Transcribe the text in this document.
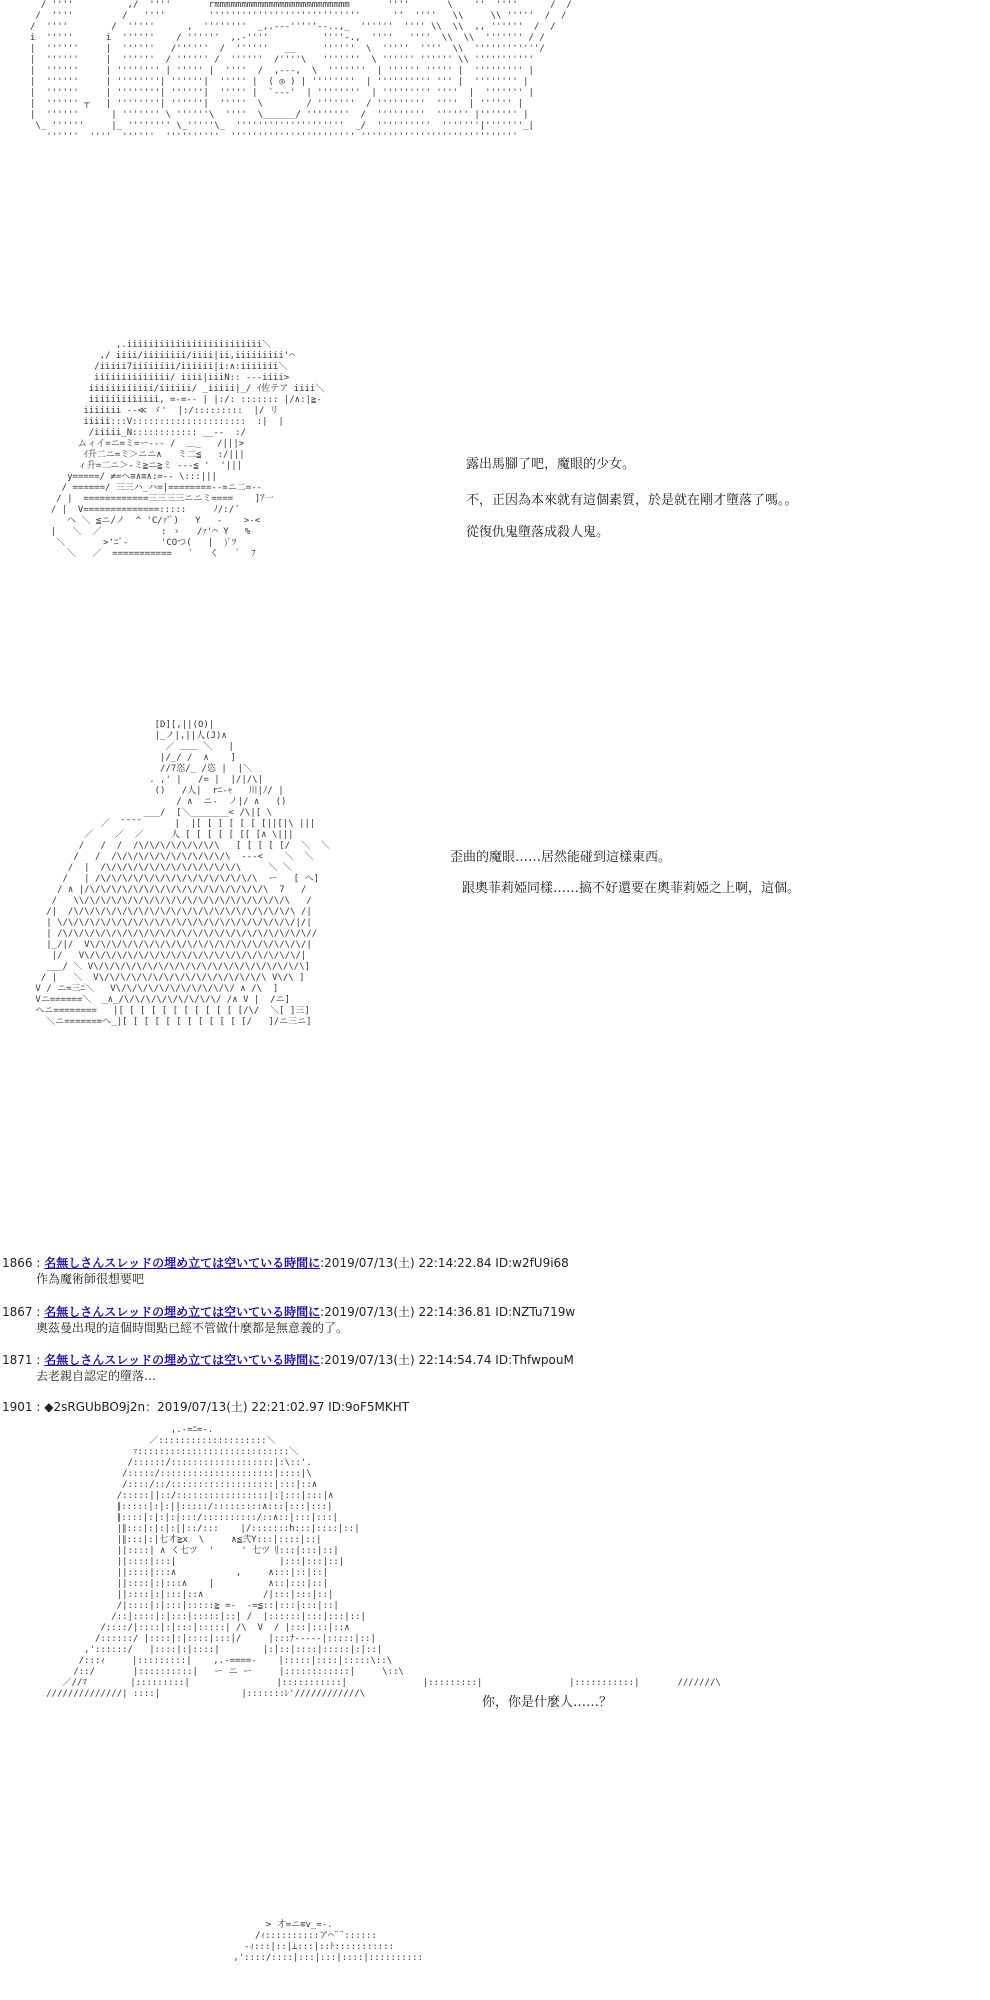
/ ''''          ,/  ''''       rmmmmmmmmmmmmmmmmmmmmmmmmm       ''''       \    ''  ''''      /  /
/  ''''         /   ''''        ''''''''''''''''''''''''''''      ''  ''''   \\     \\ '''''  /  /
/  ''''        /  '''''      ,  ''''''''  _,.-‐‐'''''‐-..,_  ''''''  '''' \\  \\  ,, ''''''  /  /
i  '''''      i  ''''''    / ''''''  ,.-''''          ''''-.,  ''''   ''''  \\  \\  ''''''' / /
|  ''''''     |  ''''''   /''''''  /  ''''''   __     ''''''  \  '''''  ''''  \\  ''''''''''''/
|  ''''''     |  ''''''  / '''''' /  ''''''  /''''\   '''''''  \ '''''' '''''' \\ '''''''''''
|  ''''''     | '''''''' | ''''' |  ''''  /  ,-‐-,  \  '''''''  | '''''' ''''' |  ''''''''' |
|  ''''''     | ''''''''| ''''''|  ''''' |  ( ◎ ) | ''''''''  | '''''''''' ''' |  '''''''' |
|  ''''''     | ''''''''| ''''''|  ''''' |  `‐-‐'  | ''''''''  | ''''''''' ''''  |  ''''''' |
|  '''''' ┬   | ''''''''| ''''''|  '''''  \        / '''''''  / '''''''''  ''''  | '''''' |
|  ''''''      | ''''''' \ ''''''\  ''''  \______/ ''''''''  /  '''''''''  '''''' |''''''' |
\_ ''''''     |_ '''''''' \_'''''\_  ''''''''''''''''''''  _/  ''''''''''  '''''''|'''''''_|
''''''  ''''  ''''''  ''''''''''  ''''''''''''''''''''''' '''''''''''''''''''''''''''''

,.iiiiiiiiiiiiiiiiiiiiiiiii＼
,/ iiii/iiiiiiii/iiii|ii,iiiiiiiii'⌒
/iiiii7iiiiiiii/iiiiii|i:∧:iiiiiii＼
iiiiiiiiiiiiii/ iiii|iiiN:: --‐iiii>
iiiiiiiiiiii/iiiiii/ _iiiii|_/ ｲ佐テア iiii＼
iiiiiiiiiiiii, =-=-- | |:/: ::::::: |/∧:|≧-
iiiiiii --≪ ゞ'  |:/:::::::::  |/ リ
iiiii:::V:::::::::::::::::::::  :|  |
/iiiii_N:::::::::::: __--  :/
ムィイ=ニ=ミ=ー‐-- /  ＿_   /|||>
ｲ升二ニ=ミ＞ニニ∧   ミ二≦   :/|||
ィ升=二ニ＞-ミ≧ニ≧ミ ---≦ '  '|||
y=====/ ≠=ヘ≡∧≡∧:=-- \:::|||
/ ======/ 三三ハ_ハ=|========--=ニ二=--
/ |  ============三三三三ニニミ====    ]ｱ一
/ |  V==============:::::     ﾉ/:/´
ヘ ＼ ≦ニ/ノ  ^ 'C/ｧ'ﾞ)   Y   ‐    >‐<
|   ＼  ／           : ゝ   /ｧ'⌒ Y   %
＼       >'ﾆﾞ-      'COつ(   |  )ﾞﾂ
＼   ／  ===========   `   く   `  ﾌ

[D][,||(O)|
|_ノ|,||人(J)∧
／ ＿＿ ＼   |
|/_/ /  ∧    ]
//7恣/_ /恣 |  |＼
. ,' |   /= |  |/|/\|
()   /人|  rﾆ‐ｬ   川|ﾉ/ |
/ ∧  ニ‐  ノ|/ ∧   ()
___/  [＼_______< /\|[ \
／  ¯¯¯¯      |  |[ [ [ [ [ [ [||[|\ |||
／    ／  ／     人 [ [ [ [ [ [[ [∧ \|||
/   /  /  /\/\/\/\/\/\/\/\   [ [ [ [ [/  ＼  ＼
/   /  /\/\/\/\/\/\/\/\/\/\/\  ---<    ＼  ＼
/  |  /\/\/\/\/\/\/\/\/\/\/\/\/\     ＼ ＼
/   | /\/\/\/\/\/\/\/\/\/\/\/\/\/\/\  ー   [ ヘ]
/ ∧ |/\/\/\/\/\/\/\/\/\/\/\/\/\/\/\/\/\  7   /
/   \\/\/\/\/\/\/\/\/\/\/\/\/\/\/\/\/\/\/\/\   /
/|  /\/\/\/\/\/\/\/\/\/\/\/\/\/\/\/\/\/\/\/\/\ /|
| \/\/\/\/\/\/\/\/\/\/\/\/\/\/\/\/\/\/\/\/\/\/|/|
| /\/\/\/\/\/\/\/\/\/\/\/\/\/\/\/\/\/\/\/\/\/\/\//
|_/|/  V\/\/\/\/\/\/\/\/\/\/\/\/\/\/\/\/\/\/\/\/|
|/   V\/\/\/\/\/\/\/\/\/\/\/\/\/\/\/\/\/\/\/\/|
___/ ＼ V\/\/\/\/\/\/\/\/\/\/\/\/\/\/\/\/\/\/\/\]
/ |   ＼  V\/\/\/\/\/\/\/\/\/\/\/\/\/\/\/\ V\/\ ]
V / ニ=三ﾆ＼   V\/\/\/\/\/\/\/\/\/\/\/ ∧ /\  ]
Vニ======＼  _∧_/\/\/\/\/\/\/\/\/\/ /∧ V |  /ニ]
ヘニ========   |[ [ [ [ [ [ [ [ [ [ [ [/\/  ＼[ ]三]
＼ニ=======ヘ_|[ [ [ [ [ [ [ [ [ [ [ [/   ]/ニ三ニ]

,.-=ﾆ=-.
／::::::::::::::::::::＼
ｧ::::::::::::::::::::::::::::＼
/::::::/:::::::::::::::::::|:\::'.
/:::::/:::::::::::::::::::::|::::|\
/::::/::/:::::::::::::::::::|:::|::∧
/:::::||::/:::::::::::::::::|:|:::|:::|∧
∥:::::|:|:||:::::/:::::::::∧:::|:::|:::|
∥::::|:|:|:|:::/::::::::::/::∧::|:::|:::|
|∥:::|:|:|:||::/:::    |/:::::::h:::|::::|::|
|∥:::|:|七才≧x  \     ∧≦弐Y:::|::::|::|
||::::| ∧ く七ツ  '     ' 七ツ刂:::|:::|::|
||::::|:::|                   |:::|:::|::|
||::::|:::∧           ,     ∧:::|::|::|
||::::|:|:::∧    |          ∧::|:::|::|
||::::|:|:::|::∧           /|:::|:::|::|
/|::::|:|:::|:::::≧ =-  -=≦::|:::|:::|::|
/::|::::|:|:::|:::::|::| /  |::::::|:::|:::|::|
/::::/|::::|:|:::|:::::| /\  V  / |:::|:::|::∧
/::::::/ |::::|:|::::|:::|/     |:::ﾅ-----|:::::|::|
,'::::::/   |::::|:|::::|        |:|::|::::|:::::|:|::|
/:::ｨ     |:::::::::|    ,.-====-    |:::::|::::|:::::\::\
/::/       |::::::::::|   ー ニ ー     |::::::::::::|     \::\
／//ﾏ        |:::::::::|                |:::::::::::|	|:::::::::|                |:::::::::::|       ///////\
//////////////| ::::|               |:::::::ﾚ'////////////\

> 才=ニ≡v_=-.
/ｨ::::::::::ア⌒¨¨::::::
-ｨ:::|::|⊥:::|::ﾄ:::::::::::
,'::::/::::|:::|:::|::::|::::::::::

露出馬腳了吧，魔眼的少女。
不，正因為本來就有這個素質，於是就在剛才墮落了嗎。。
從復仇鬼墮落成殺人鬼。
歪曲的魔眼……居然能碰到這樣東西。
跟奧菲莉婭同樣……搞不好還要在奧菲莉婭之上啊，這個。
你，你是什麼人……？
1866 : 名無しさんスレッドの埋め立ては空いている時間に:2019/07/13(土) 22:14:22.84 ID:w2fU9i68
作為魔術師很想要吧
1867 : 名無しさんスレッドの埋め立ては空いている時間に:2019/07/13(土) 22:14:36.81 ID:NZTu719w
奧茲曼出現的這個時間點已經不管做什麼都是無意義的了。
1871 : 名無しさんスレッドの埋め立ては空いている時間に:2019/07/13(土) 22:14:54.74 ID:ThfwpouM
去老親自認定的墮落…
1901 : ◆2sRGUbBO9j2n：2019/07/13(土) 22:21:02.97 ID:9oF5MKHT
